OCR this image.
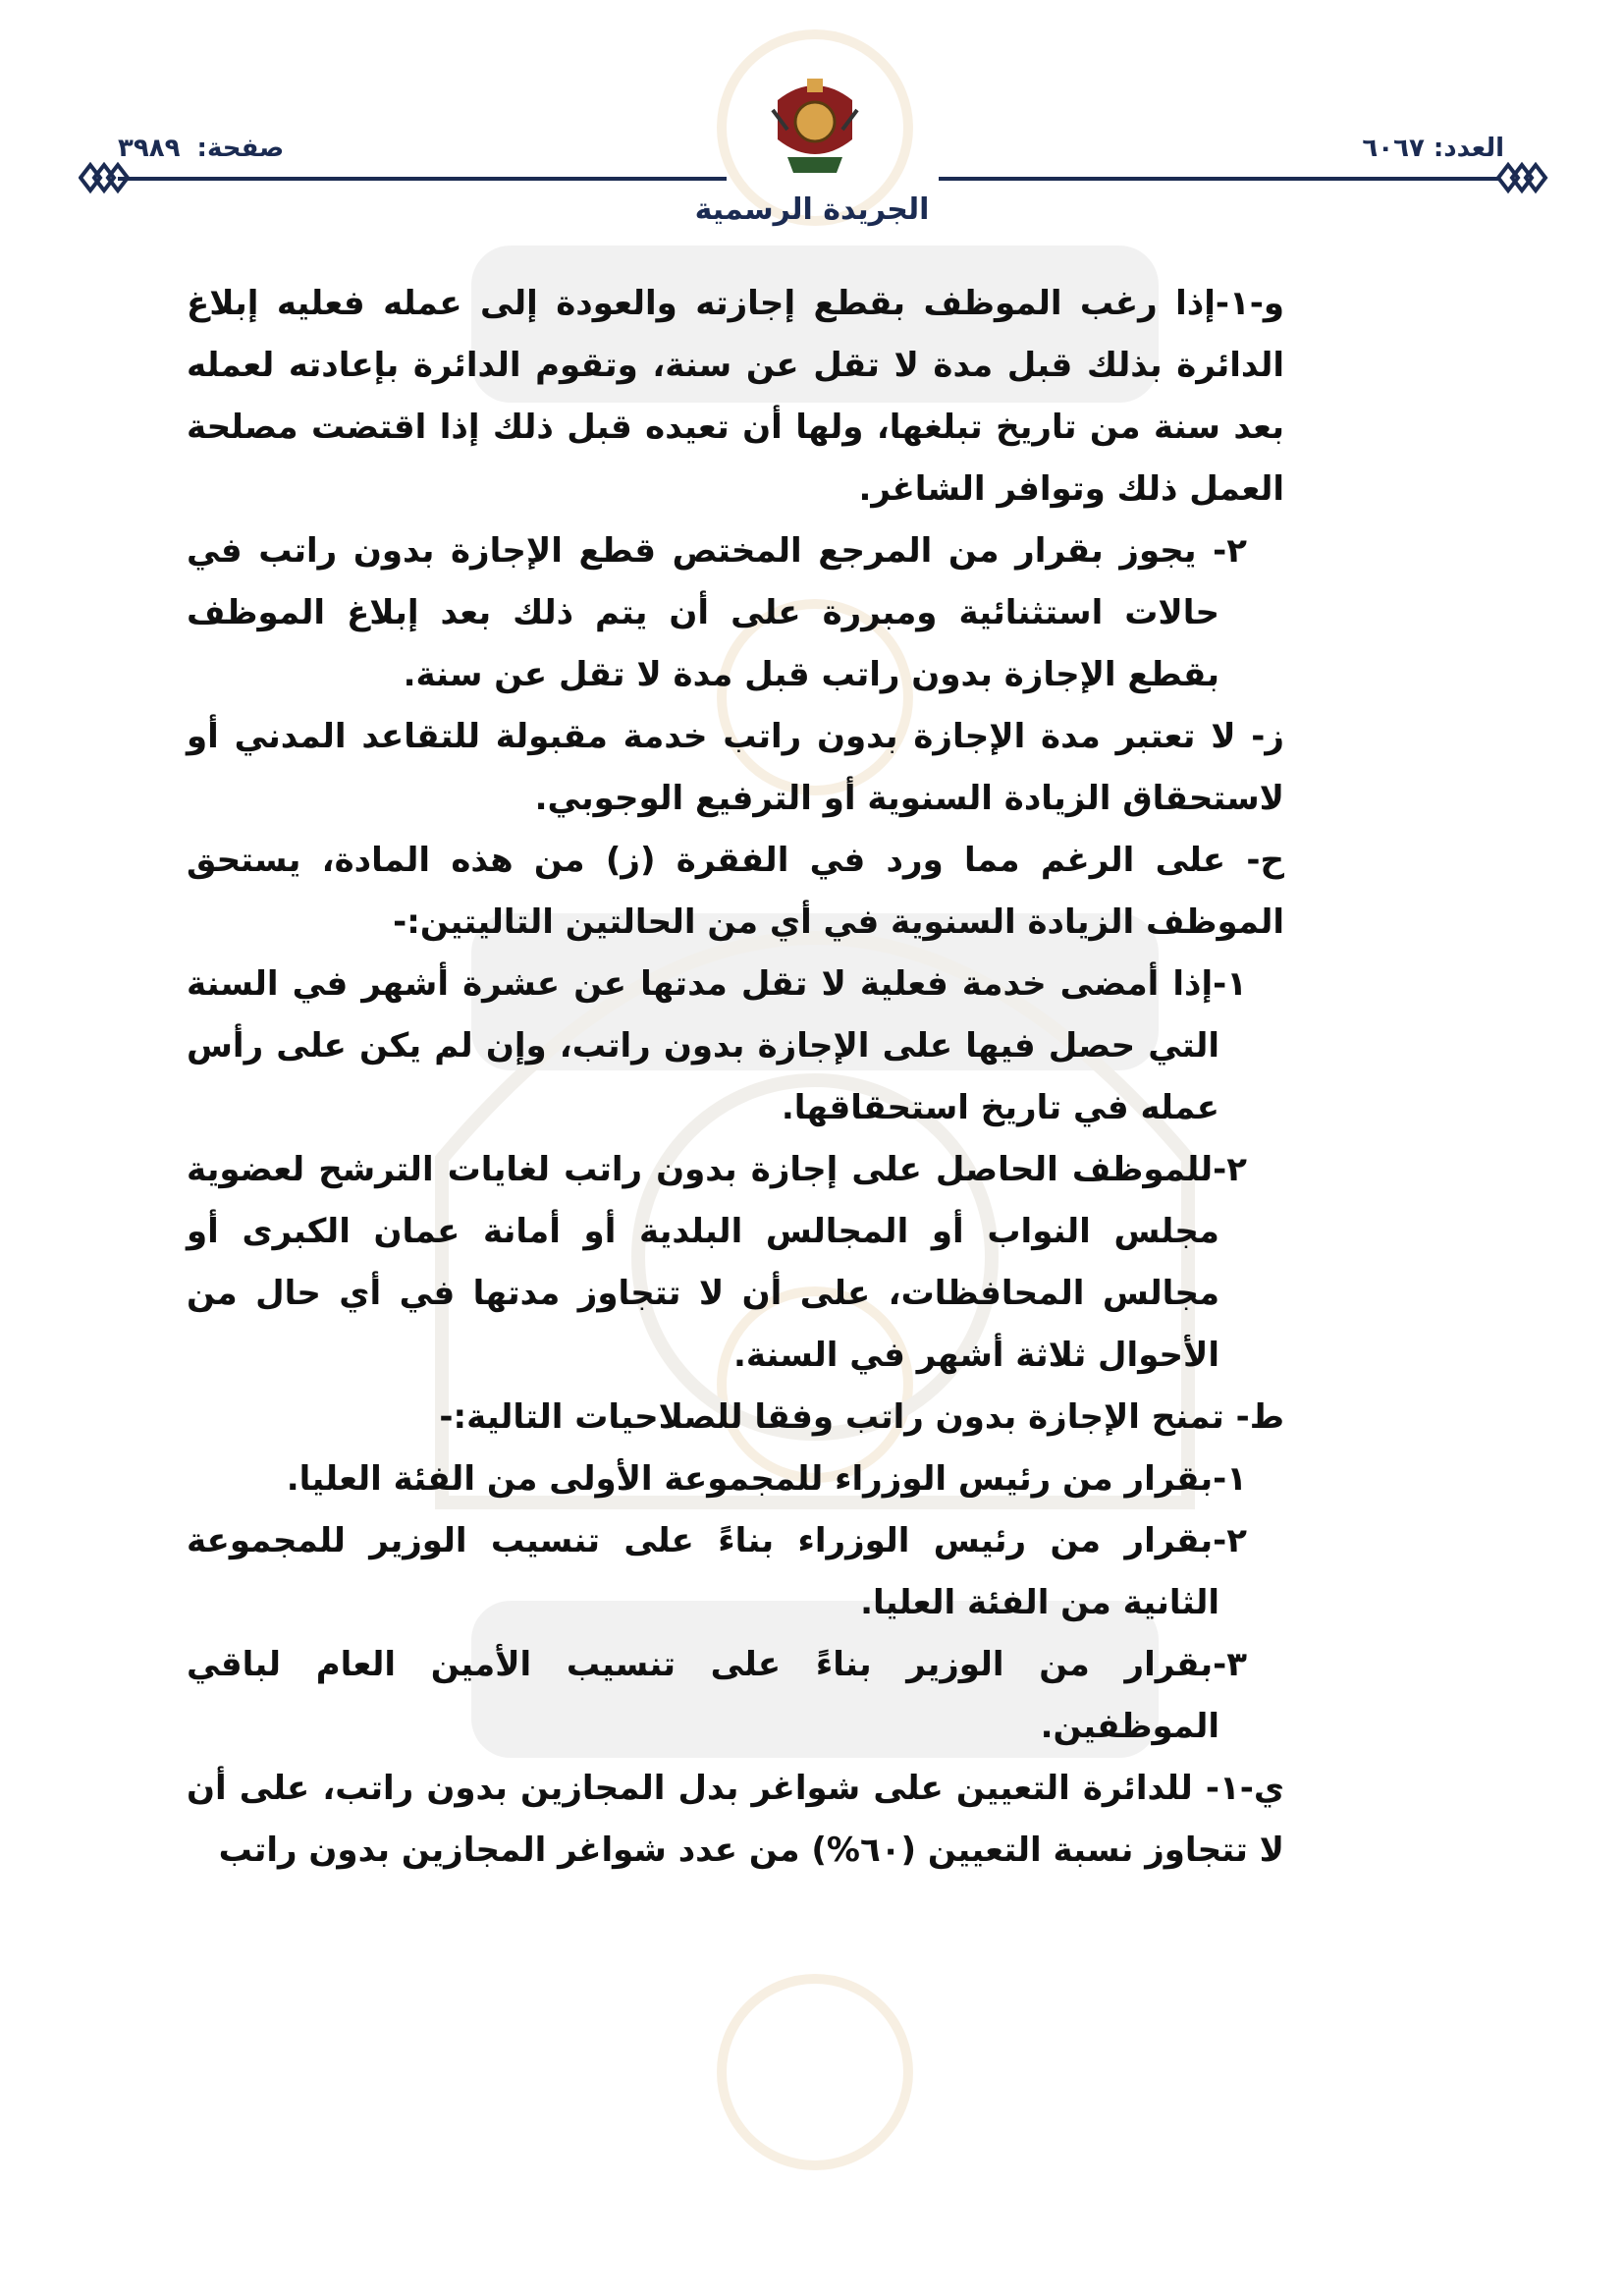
العدد: ٦٠٦٧
صفحة: ٣٩٨٩
الجريدة الرسمية

و-١-إذا رغب الموظف بقطع إجازته والعودة إلى عمله فعليه إبلاغ الدائرة بذلك قبل مدة لا تقل عن سنة، وتقوم الدائرة بإعادته لعمله بعد سنة من تاريخ تبلغها، ولها أن تعيده قبل ذلك إذا اقتضت مصلحة العمل ذلك وتوافر الشاغر.

٢- يجوز بقرار من المرجع المختص قطع الإجازة بدون راتب في حالات استثنائية ومبررة على أن يتم ذلك بعد إبلاغ الموظف بقطع الإجازة بدون راتب قبل مدة لا تقل عن سنة.

ز- لا تعتبر مدة الإجازة بدون راتب خدمة مقبولة للتقاعد المدني أو لاستحقاق الزيادة السنوية أو الترفيع الوجوبي.

ح- على الرغم مما ورد في الفقرة (ز) من هذه المادة، يستحق الموظف الزيادة السنوية في أي من الحالتين التاليتين:-

١-إذا أمضى خدمة فعلية لا تقل مدتها عن عشرة أشهر في السنة التي حصل فيها على الإجازة بدون راتب، وإن لم يكن على رأس عمله في تاريخ استحقاقها.

٢-للموظف الحاصل على إجازة بدون راتب لغايات الترشح لعضوية مجلس النواب أو المجالس البلدية أو أمانة عمان الكبرى أو مجالس المحافظات، على أن لا تتجاوز مدتها في أي حال من الأحوال ثلاثة أشهر في السنة.

ط- تمنح الإجازة بدون راتب وفقا للصلاحيات التالية:-

١-بقرار من رئيس الوزراء للمجموعة الأولى من الفئة العليا.

٢-بقرار من رئيس الوزراء بناءً على تنسيب الوزير للمجموعة الثانية من الفئة العليا.

٣-بقرار من الوزير بناءً على تنسيب الأمين العام لباقي الموظفين.

ي-١- للدائرة التعيين على شواغر بدل المجازين بدون راتب، على أن لا تتجاوز نسبة التعيين (٦٠%) من عدد شواغر المجازين بدون راتب
